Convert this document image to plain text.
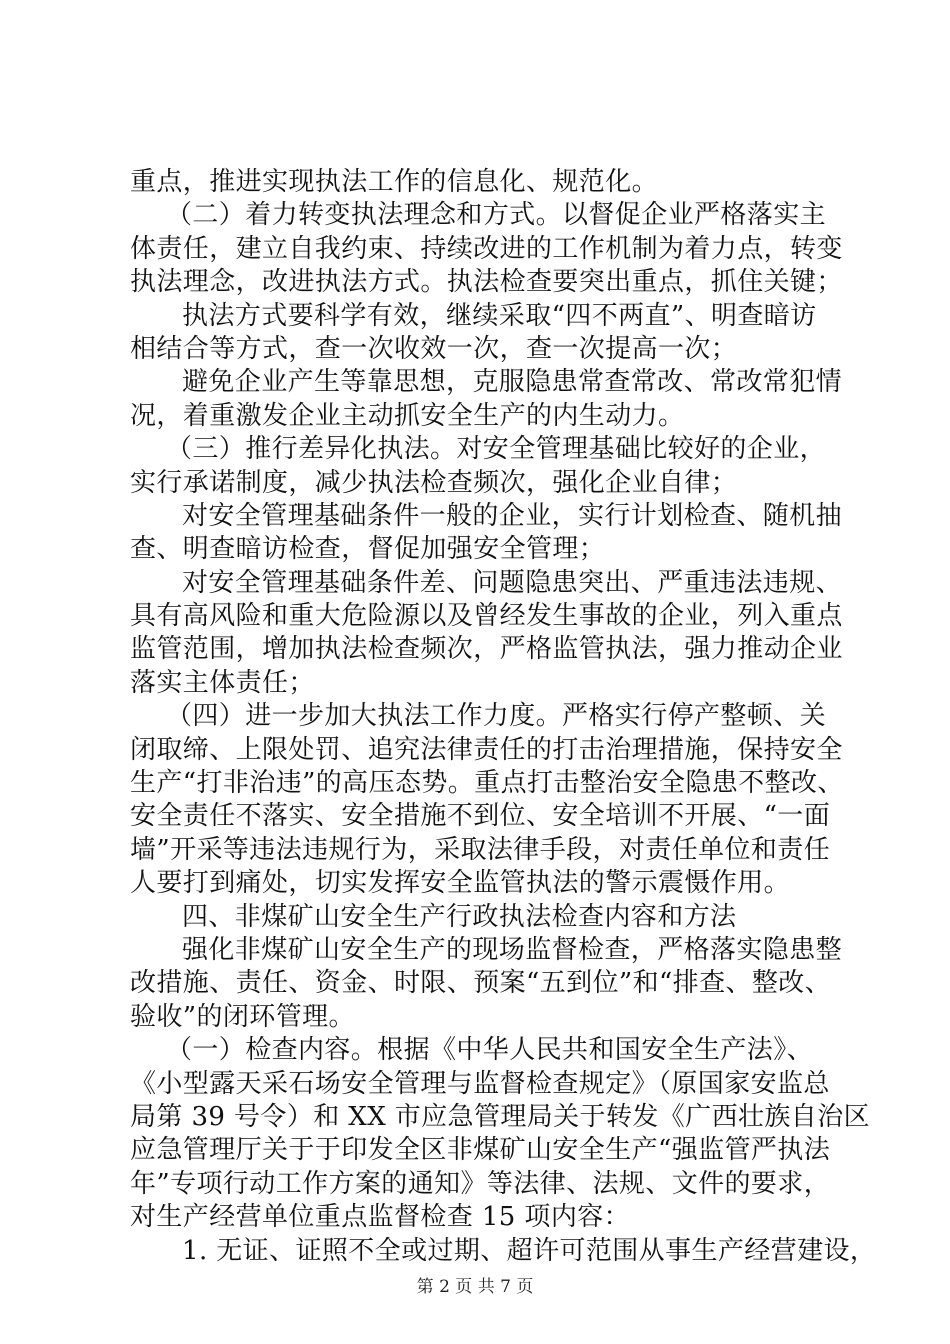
重点，推进实现执法工作的信息化、规范化。
（二）着力转变执法理念和方式。以督促企业严格落实主
体责任，建立自我约束、持续改进的工作机制为着力点，转变
执法理念，改进执法方式。执法检查要突出重点，抓住关键；
执法方式要科学有效，继续采取“四不两直”、明查暗访
相结合等方式，查一次收效一次，查一次提高一次；
避免企业产生等靠思想，克服隐患常查常改、常改常犯情
况，着重激发企业主动抓安全生产的内生动力。
（三）推行差异化执法。对安全管理基础比较好的企业，
实行承诺制度，减少执法检查频次，强化企业自律；
对安全管理基础条件一般的企业，实行计划检查、随机抽
查、明查暗访检查，督促加强安全管理；
对安全管理基础条件差、问题隐患突出、严重违法违规、
具有高风险和重大危险源以及曾经发生事故的企业，列入重点
监管范围，增加执法检查频次，严格监管执法，强力推动企业
落实主体责任；
（四）进一步加大执法工作力度。严格实行停产整顿、关
闭取缔、上限处罚、追究法律责任的打击治理措施，保持安全
生产“打非治违”的高压态势。重点打击整治安全隐患不整改、
安全责任不落实、安全措施不到位、安全培训不开展、“一面
墙”开采等违法违规行为，采取法律手段，对责任单位和责任
人要打到痛处，切实发挥安全监管执法的警示震慑作用。
四、非煤矿山安全生产行政执法检查内容和方法
强化非煤矿山安全生产的现场监督检查，严格落实隐患整
改措施、责任、资金、时限、预案“五到位”和“排查、整改、
验收”的闭环管理。
（一）检查内容。根据《中华人民共和国安全生产法》、
《小型露天采石场安全管理与监督检查规定》（原国家安监总
局第 39 号令）和 XX 市应急管理局关于转发《广西壮族自治区
应急管理厅关于于印发全区非煤矿山安全生产“强监管严执法
年”专项行动工作方案的通知》等法律、法规、文件的要求，
对生产经营单位重点监督检查 15 项内容：
1. 无证、证照不全或过期、超许可范围从事生产经营建设，
第 2 页 共 7 页
